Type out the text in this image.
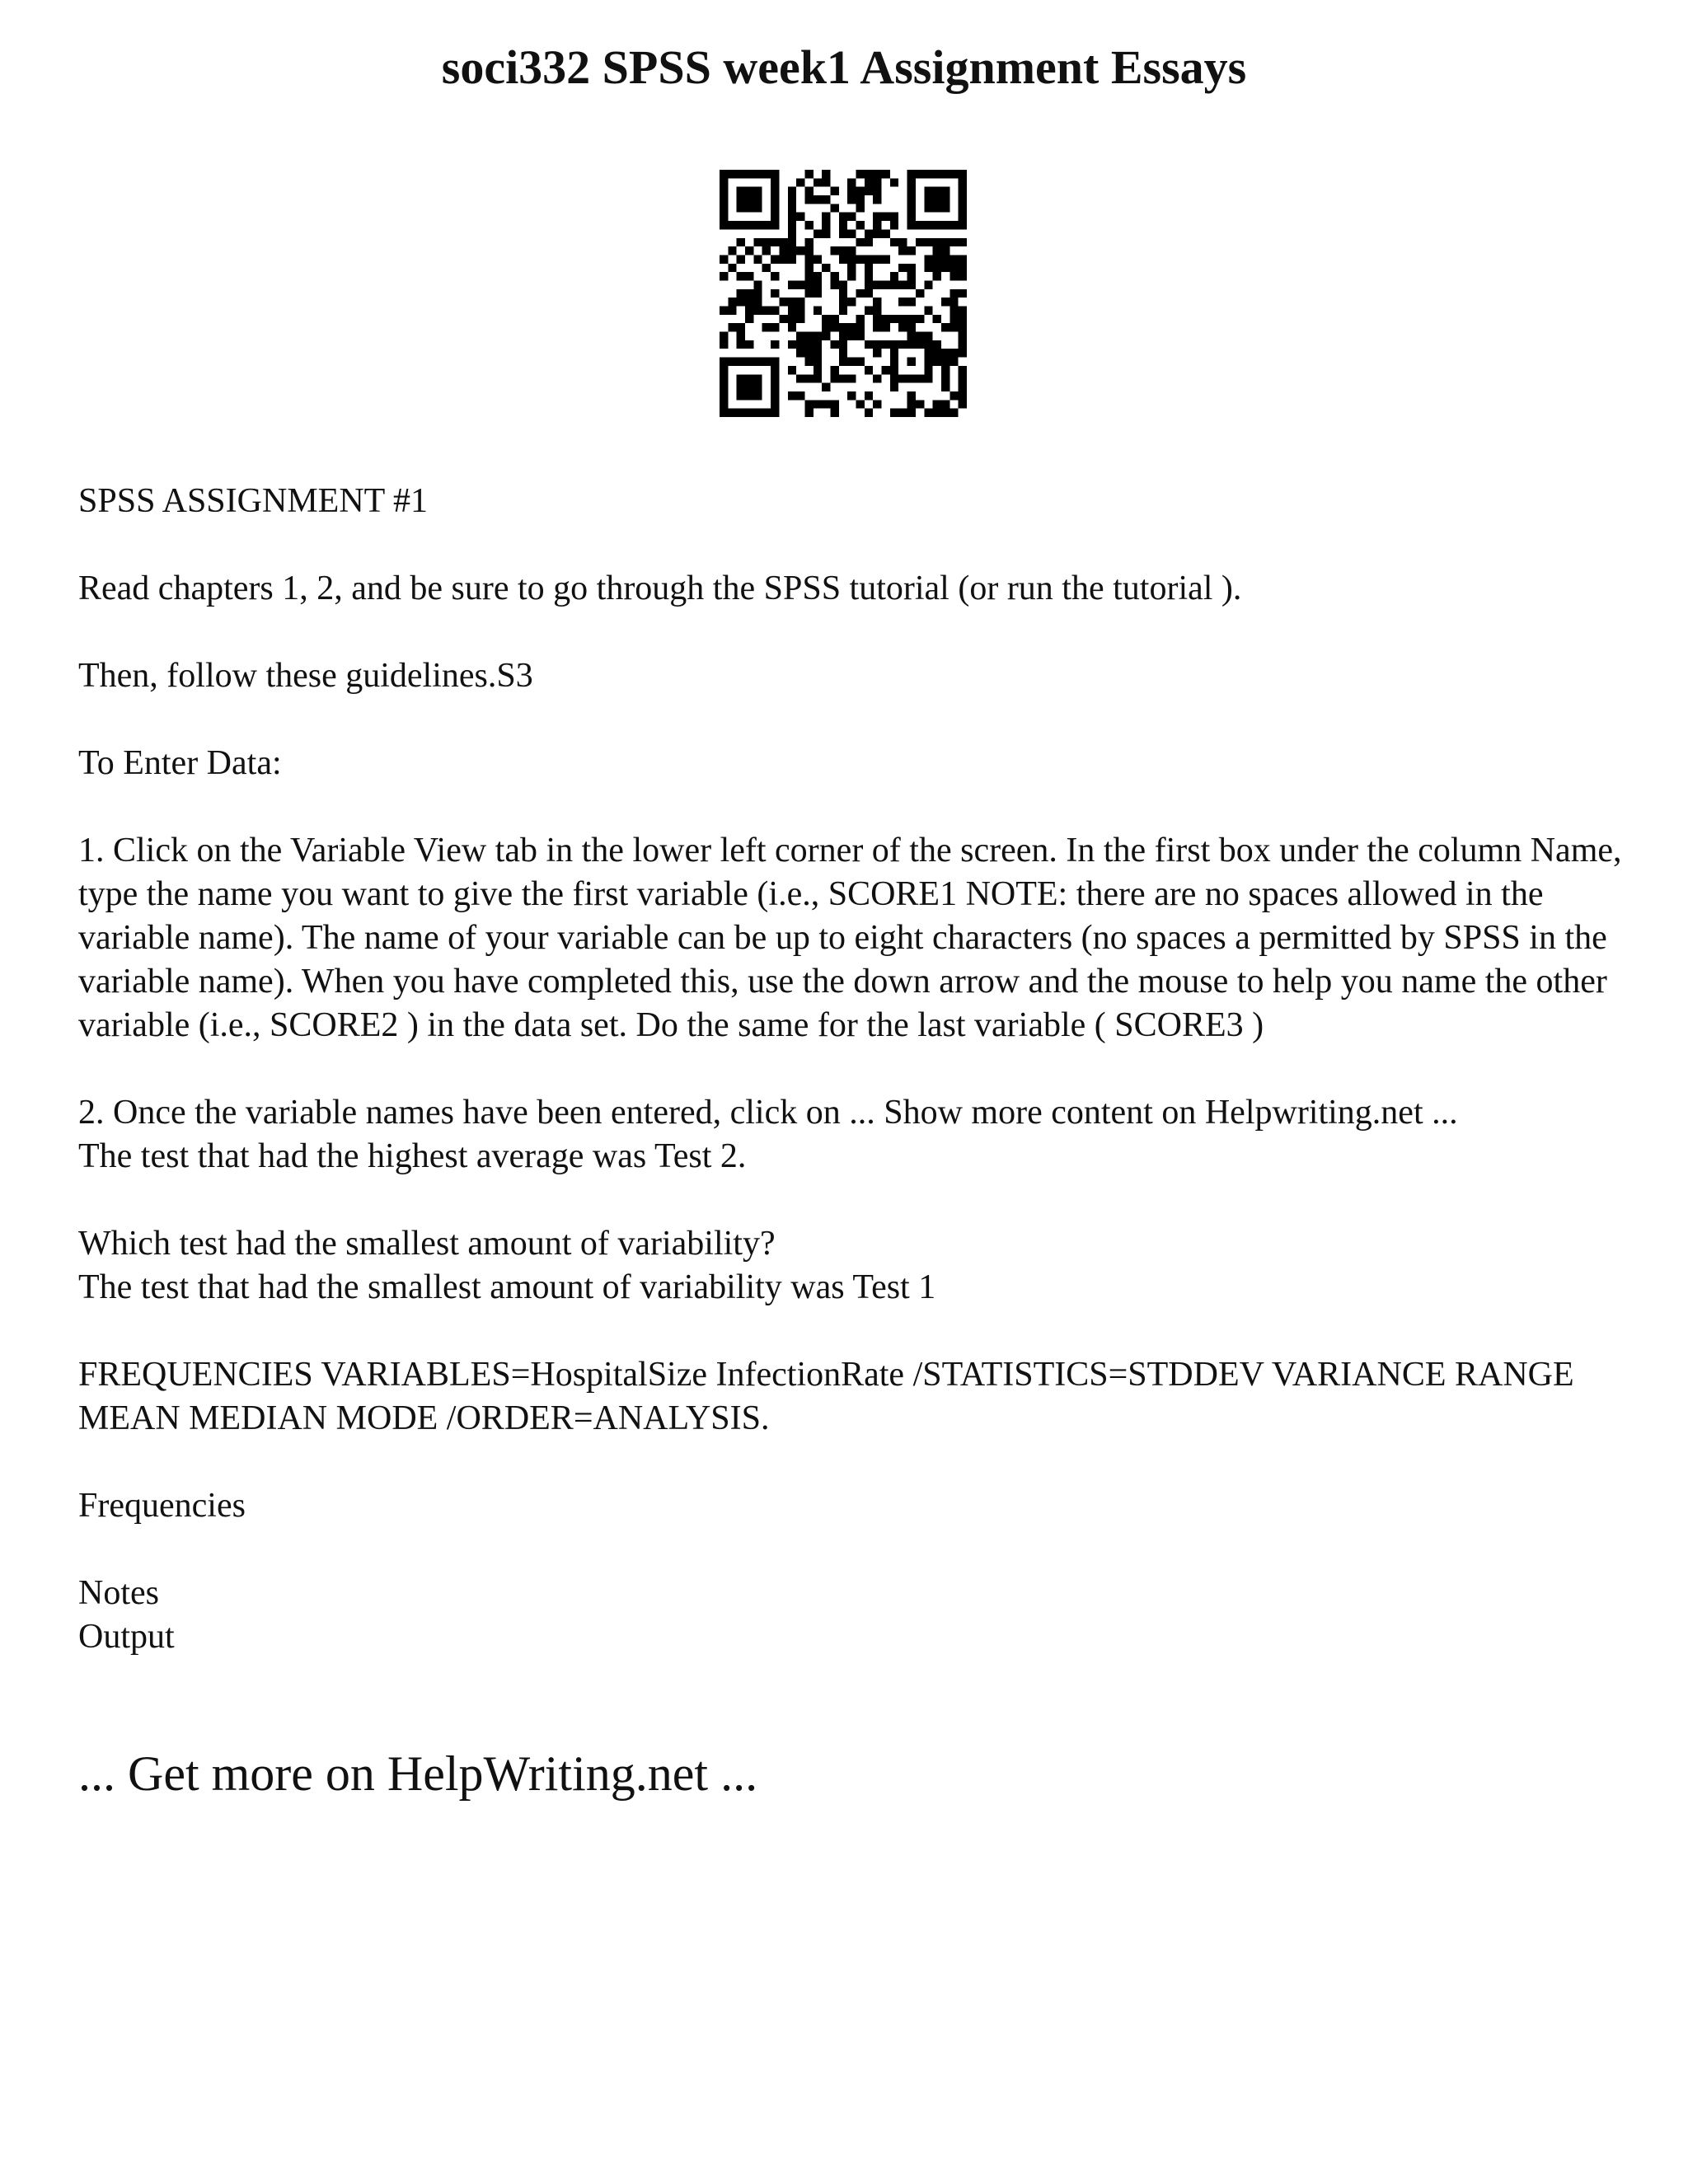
soci332 SPSS week1 Assignment Essays

SPSS ASSIGNMENT #1

Read chapters 1, 2, and be sure to go through the SPSS tutorial (or run the tutorial ).

Then, follow these guidelines.S3

To Enter Data:

1. Click on the Variable View tab in the lower left corner of the screen. In the first box under the column Name, type the name you want to give the first variable (i.e., SCORE1 NOTE: there are no spaces allowed in the variable name). The name of your variable can be up to eight characters (no spaces a permitted by SPSS in the variable name). When you have completed this, use the down arrow and the mouse to help you name the other variable (i.e., SCORE2 ) in the data set. Do the same for the last variable ( SCORE3 )

2. Once the variable names have been entered, click on ... Show more content on Helpwriting.net ...

The test that had the highest average was Test 2.

Which test had the smallest amount of variability?

The test that had the smallest amount of variability was Test 1

FREQUENCIES VARIABLES=HospitalSize InfectionRate /STATISTICS=STDDEV VARIANCE RANGE MEAN MEDIAN MODE /ORDER=ANALYSIS.

Frequencies

Notes

Output

... Get more on HelpWriting.net ...
